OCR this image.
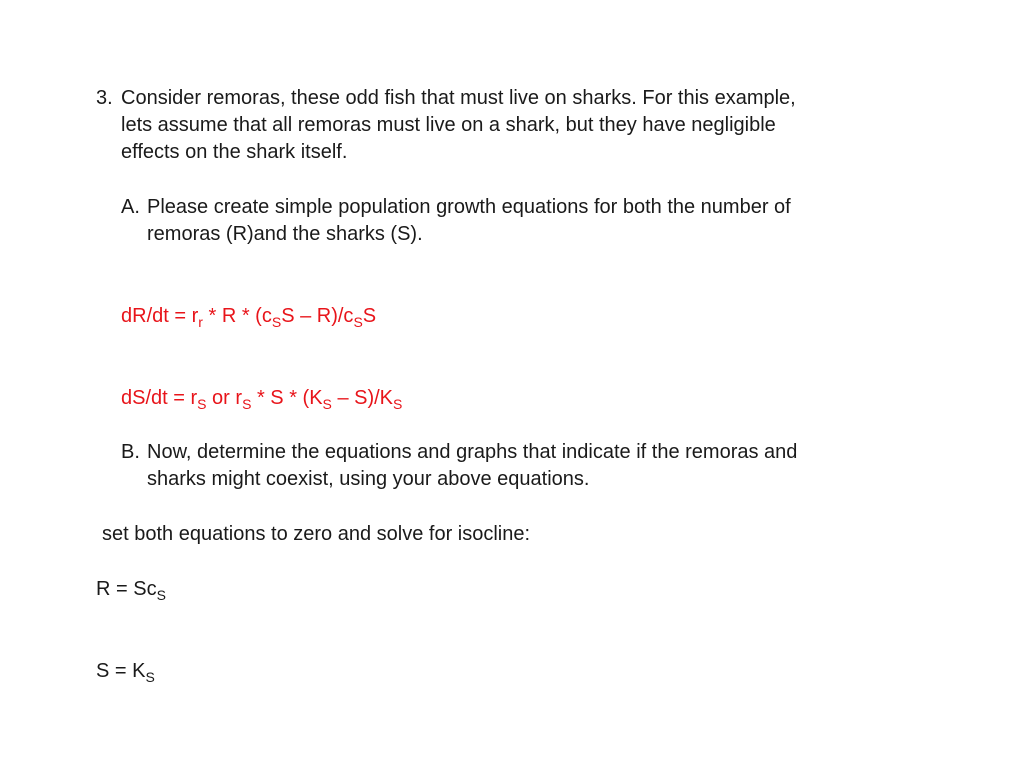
3. Consider remoras, these odd fish that must live on sharks. For this example,
lets assume that all remoras must live on a shark, but they have negligible
effects on the shark itself.
A. Please create simple population growth equations for both the number of
remoras (R)and the sharks (S).
$dR/dt = r_r * R * (c_SS - R)/c_SS$
$dS/dt = r_S$ or $r_S$ * S * $(K_S - S)/K_S$
B. Now, determine the equations and graphs that indicate if the remoras and
sharks might coexist, using your above equations.
set both equations to zero and solve for isocline:
$R = Sc_S$
$S = K_S$
